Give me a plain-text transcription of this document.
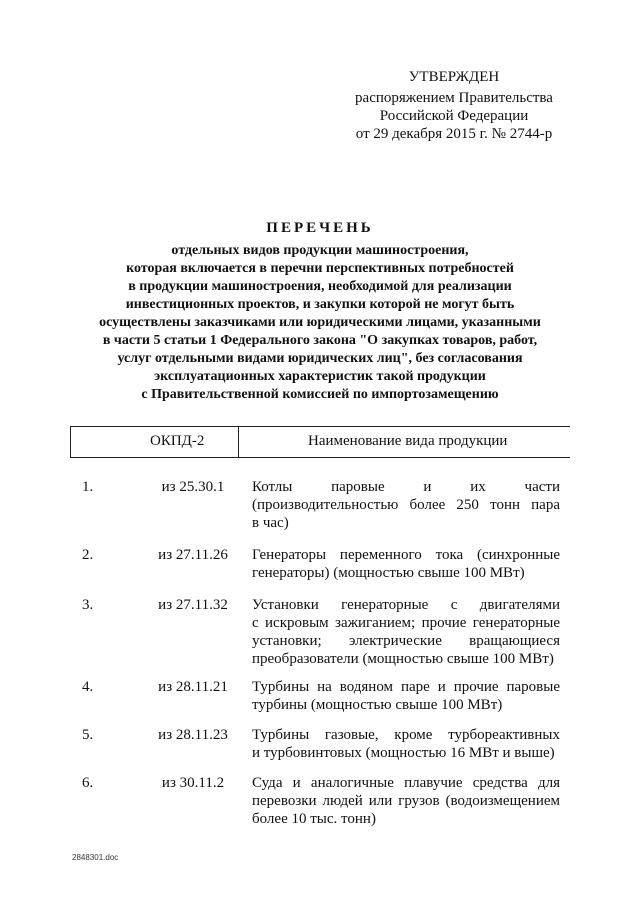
УТВЕРЖДЕН
распоряжением Правительства
Российской Федерации
от 29 декабря 2015 г. № 2744-р
ПЕРЕЧЕНЬ
отдельных видов продукции машиностроения,
которая включается в перечни перспективных потребностей
в продукции машиностроения, необходимой для реализации
инвестиционных проектов, и закупки которой не могут быть
осуществлены заказчиками или юридическими лицами, указанными
в части 5 статьи 1 Федерального закона "О закупках товаров, работ,
услуг отдельными видами юридических лиц", без согласования
эксплуатационных характеристик такой продукции
с Правительственной комиссией по импортозамещению
ОКПД-2	Наименование вида продукции
1.	из 25.30.1	Котлы паровые и их части
(производительностью более 250 тонн пара
в час)
2.	из 27.11.26	Генераторы переменного тока (синхронные
генераторы) (мощностью свыше 100 МВт)
3.	из 27.11.32	Установки генераторные с двигателями
с искровым зажиганием; прочие генераторные
установки; электрические вращающиеся
преобразователи (мощностью свыше 100 МВт)
4.	из 28.11.21	Турбины на водяном паре и прочие паровые
турбины (мощностью свыше 100 МВт)
5.	из 28.11.23	Турбины газовые, кроме турбореактивных
и турбовинтовых (мощностью 16 МВт и выше)
6.	из 30.11.2	Суда и аналогичные плавучие средства для
перевозки людей или грузов (водоизмещением
более 10 тыс. тонн)
2848301.doc
